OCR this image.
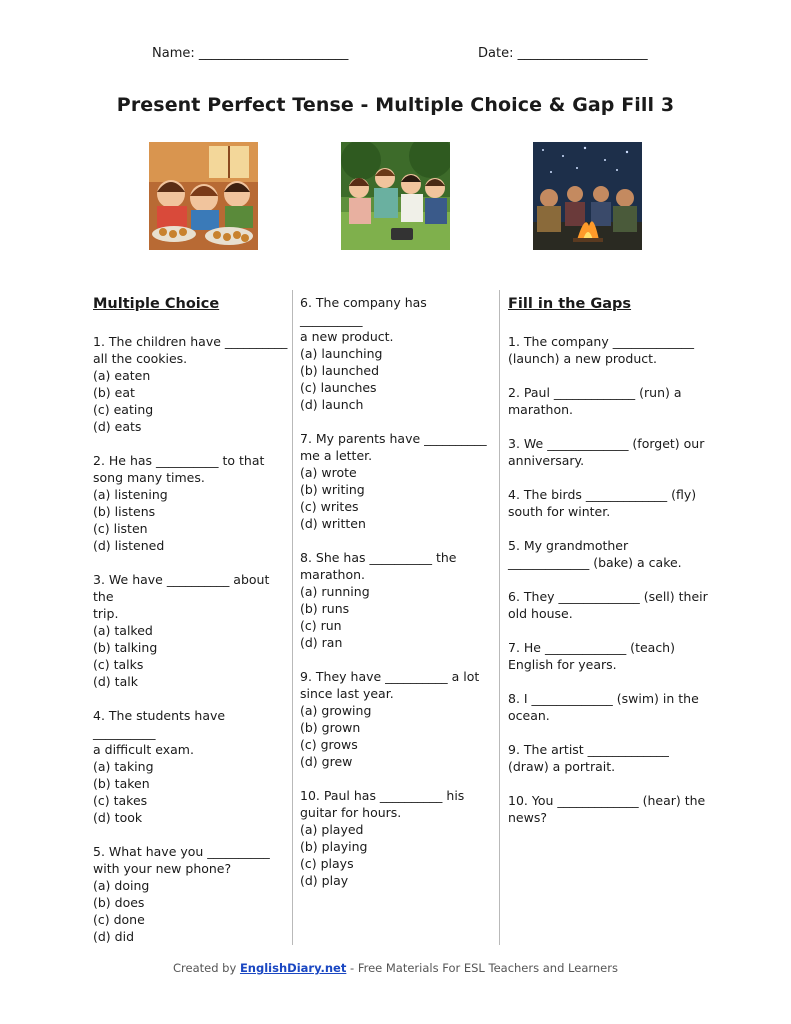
Name: _______________________	Date: ____________________
Present Perfect Tense - Multiple Choice & Gap Fill 3
Multiple Choice
1. The children have __________
all the cookies.
(a) eaten
(b) eat
(c) eating
(d) eats
2. He has __________ to that
song many times.
(a) listening
(b) listens
(c) listen
(d) listened
3. We have __________ about the
trip.
(a) talked
(b) talking
(c) talks
(d) talk
4. The students have __________
a difficult exam.
(a) taking
(b) taken
(c) takes
(d) took
5. What have you __________
with your new phone?
(a) doing
(b) does
(c) done
(d) did
6. The company has __________
a new product.
(a) launching
(b) launched
(c) launches
(d) launch
7. My parents have __________
me a letter.
(a) wrote
(b) writing
(c) writes
(d) written
8. She has __________ the
marathon.
(a) running
(b) runs
(c) run
(d) ran
9. They have __________ a lot
since last year.
(a) growing
(b) grown
(c) grows
(d) grew
10. Paul has __________ his
guitar for hours.
(a) played
(b) playing
(c) plays
(d) play
Fill in the Gaps
1. The company _____________ (launch) a new product.
2. Paul _____________ (run) a marathon.
3. We _____________ (forget) our anniversary.
4. The birds _____________ (fly) south for winter.
5. My grandmother _____________ (bake) a cake.
6. They _____________ (sell) their old house.
7. He _____________ (teach) English for years.
8. I _____________ (swim) in the ocean.
9. The artist _____________ (draw) a portrait.
10. You _____________ (hear) the news?
Created by EnglishDiary.net - Free Materials For ESL Teachers and Learners
